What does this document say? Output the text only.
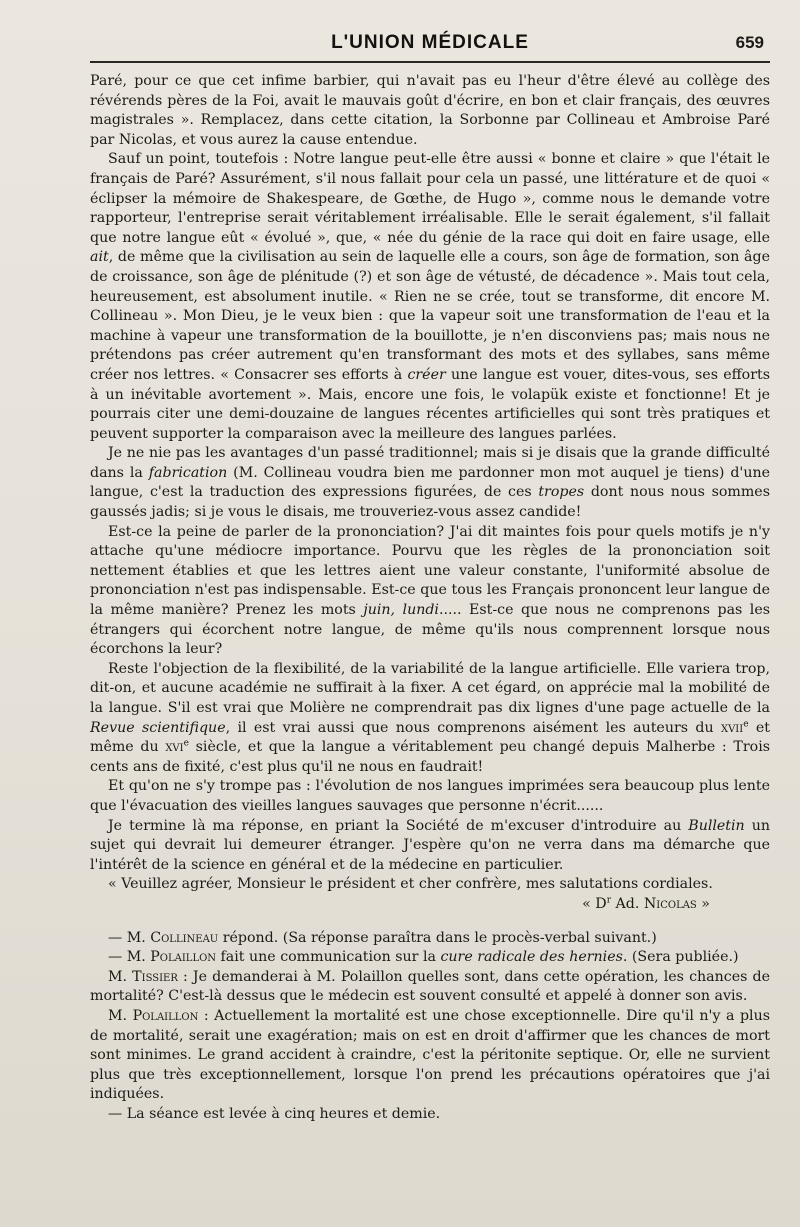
L'UNION MÉDICALE	659

Paré, pour ce que cet infime barbier, qui n'avait pas eu l'heur d'être élevé au collège des révérends pères de la Foi, avait le mauvais goût d'écrire, en bon et clair français, des œuvres magistrales ». Remplacez, dans cette citation, la Sorbonne par Collineau et Ambroise Paré par Nicolas, et vous aurez la cause entendue.

Sauf un point, toutefois : Notre langue peut-elle être aussi « bonne et claire » que l'était le français de Paré? Assurément, s'il nous fallait pour cela un passé, une littérature et de quoi « éclipser la mémoire de Shakespeare, de Gœthe, de Hugo », comme nous le demande votre rapporteur, l'entreprise serait véritablement irréalisable. Elle le serait également, s'il fallait que notre langue eût « évolué », que, « née du génie de la race qui doit en faire usage, elle ait, de même que la civilisation au sein de laquelle elle a cours, son âge de formation, son âge de croissance, son âge de plénitude (?) et son âge de vétusté, de décadence ». Mais tout cela, heureusement, est absolument inutile. « Rien ne se crée, tout se transforme, dit encore M. Collineau ». Mon Dieu, je le veux bien : que la vapeur soit une transformation de l'eau et la machine à vapeur une transformation de la bouillotte, je n'en disconviens pas; mais nous ne prétendons pas créer autrement qu'en transformant des mots et des syllabes, sans même créer nos lettres. « Consacrer ses efforts à créer une langue est vouer, dites-vous, ses efforts à un inévitable avortement ». Mais, encore une fois, le volapük existe et fonctionne! Et je pourrais citer une demi-douzaine de langues récentes artificielles qui sont très pratiques et peuvent supporter la comparaison avec la meilleure des langues parlées.

Je ne nie pas les avantages d'un passé traditionnel; mais si je disais que la grande difficulté dans la fabrication (M. Collineau voudra bien me pardonner mon mot auquel je tiens) d'une langue, c'est la traduction des expressions figurées, de ces tropes dont nous nous sommes gaussés jadis; si je vous le disais, me trouveriez-vous assez candide!

Est-ce la peine de parler de la prononciation? J'ai dit maintes fois pour quels motifs je n'y attache qu'une médiocre importance. Pourvu que les règles de la prononciation soit nettement établies et que les lettres aient une valeur constante, l'uniformité absolue de prononciation n'est pas indispensable. Est-ce que tous les Français prononcent leur langue de la même manière? Prenez les mots juin, lundi..... Est-ce que nous ne comprenons pas les étrangers qui écorchent notre langue, de même qu'ils nous comprennent lorsque nous écorchons la leur?

Reste l'objection de la flexibilité, de la variabilité de la langue artificielle. Elle variera trop, dit-on, et aucune académie ne suffirait à la fixer. A cet égard, on apprécie mal la mobilité de la langue. S'il est vrai que Molière ne comprendrait pas dix lignes d'une page actuelle de la Revue scientifique, il est vrai aussi que nous comprenons aisément les auteurs du xvii$^e$ et même du xvi$^e$ siècle, et que la langue a véritablement peu changé depuis Malherbe : Trois cents ans de fixité, c'est plus qu'il ne nous en faudrait!

Et qu'on ne s'y trompe pas : l'évolution de nos langues imprimées sera beaucoup plus lente que l'évacuation des vieilles langues sauvages que personne n'écrit......

Je termine là ma réponse, en priant la Société de m'excuser d'introduire au Bulletin un sujet qui devrait lui demeurer étranger. J'espère qu'on ne verra dans ma démarche que l'intérêt de la science en général et de la médecine en particulier.

« Veuillez agréer, Monsieur le président et cher confrère, mes salutations cordiales.

« $D^r$ Ad. Nicolas »

— M. Collineau répond. (Sa réponse paraîtra dans le procès-verbal suivant.)

— M. Polaillon fait une communication sur la cure radicale des hernies. (Sera publiée.)

M. Tissier : Je demanderai à M. Polaillon quelles sont, dans cette opération, les chances de mortalité? C'est-là dessus que le médecin est souvent consulté et appelé à donner son avis.

M. Polaillon : Actuellement la mortalité est une chose exceptionnelle. Dire qu'il n'y a plus de mortalité, serait une exagération; mais on est en droit d'affirmer que les chances de mort sont minimes. Le grand accident à craindre, c'est la péritonite septique. Or, elle ne survient plus que très exceptionnellement, lorsque l'on prend les précautions opératoires que j'ai indiquées.

— La séance est levée à cinq heures et demie.
